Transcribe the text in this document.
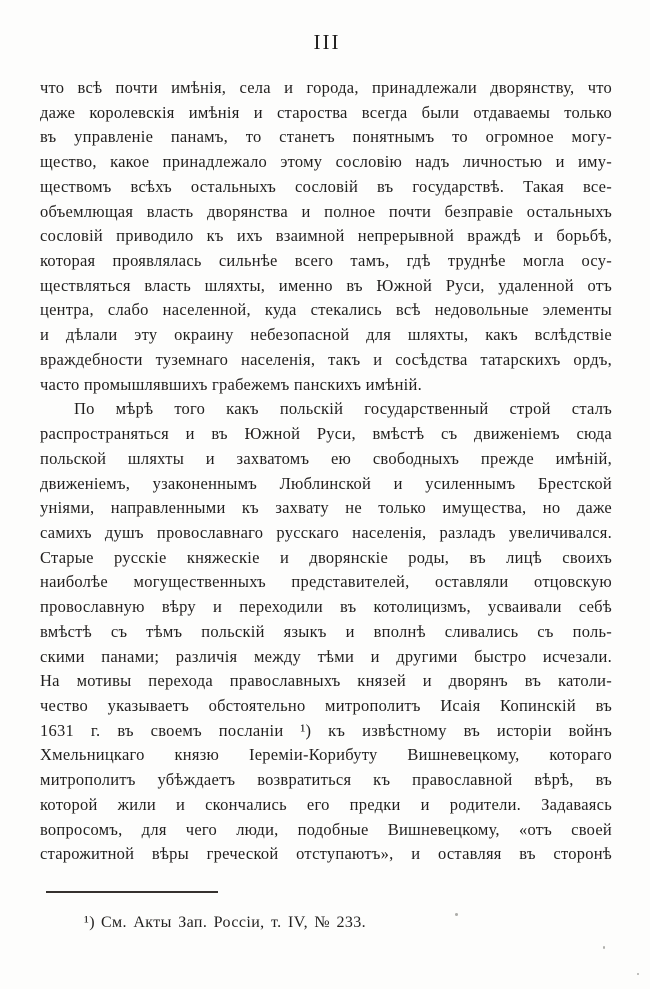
III
что всѣ почти имѣнія, села и города, принадлежали дворянству, что
даже королевскія имѣнія и староства всегда были отдаваемы только
въ управленіе панамъ, то станетъ понятнымъ то огромное могу-
щество, какое принадлежало этому сословію надъ личностью и иму-
ществомъ всѣхъ остальныхъ сословій въ государствѣ. Такая все-
объемлющая власть дворянства и полное почти безправіе остальныхъ
сословій приводило къ ихъ взаимной непрерывной враждѣ и борьбѣ,
которая проявлялась сильнѣе всего тамъ, гдѣ труднѣе могла осу-
ществляться власть шляхты, именно въ Южной Руси, удаленной отъ
центра, слабо населенной, куда стекались всѣ недовольные элементы
и дѣлали эту окраину небезопасной для шляхты, какъ вслѣдствіе
враждебности туземнаго населенія, такъ и сосѣдства татарскихъ ордъ,
часто промышлявшихъ грабежемъ панскихъ имѣній.
По мѣрѣ того какъ польскій государственный строй сталъ
распространяться и въ Южной Руси, вмѣстѣ съ движеніемъ сюда
польской шляхты и захватомъ ею свободныхъ прежде имѣній,
движеніемъ, узаконеннымъ Люблинской и усиленнымъ Брестской
уніями, направленными къ захвату не только имущества, но даже
самихъ душъ провославнаго русскаго населенія, разладъ увеличивался.
Старые русскіе княжескіе и дворянскіе роды, въ лицѣ своихъ
наиболѣе могущественныхъ представителей, оставляли отцовскую
провославную вѣру и переходили въ котолицизмъ, усваивали себѣ
вмѣстѣ съ тѣмъ польскій языкъ и вполнѣ сливались съ поль-
скими панами; различія между тѣми и другими быстро исчезали.
На мотивы перехода православныхъ князей и дворянъ въ католи-
чество указываетъ обстоятельно митрополитъ Исаія Копинскій въ
1631 г. въ своемъ посланіи ¹) къ извѣстному въ исторіи войнъ
Хмельницкаго князю Іереміи-Корибуту Вишневецкому, котораго
митрополитъ убѣждаетъ возвратиться къ православной вѣрѣ, въ
которой жили и скончались его предки и родители. Задаваясь
вопросомъ, для чего люди, подобные Вишневецкому, «отъ своей
старожитной вѣры греческой отступаютъ», и оставляя въ сторонѣ
¹) См. Акты Зап. Россіи, т. IV, № 233.
